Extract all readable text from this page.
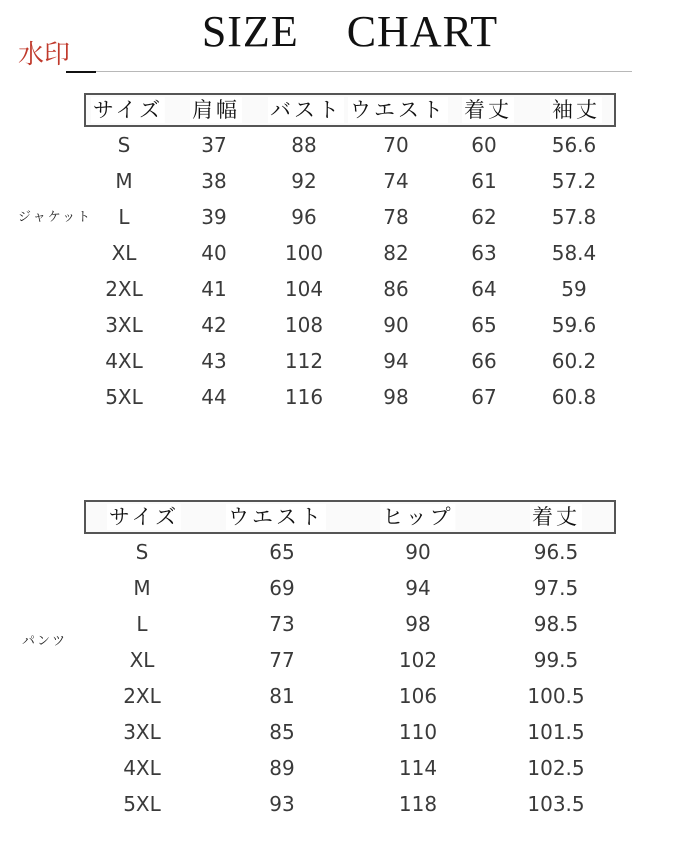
SIZE CHART
水印
サイズ 肩幅 バスト ウエスト 着丈 袖丈
S	37	88	70	60	56.6
M	38	92	74	61	57.2
L	39	96	78	62	57.8
XL	40	100	82	63	58.4
2XL	41	104	86	64	59
3XL	42	108	90	65	59.6
4XL	43	112	94	66	60.2
5XL	44	116	98	67	60.8
ジャケット
サイズ ウエスト	ヒップ	着丈
S	65	90	96.5
M	69	94	97.5
L	73	98	98.5
XL	77	102	99.5
2XL	81	106	100.5
3XL	85	110	101.5
4XL	89	114	102.5
5XL	93	118	103.5
パンツ
